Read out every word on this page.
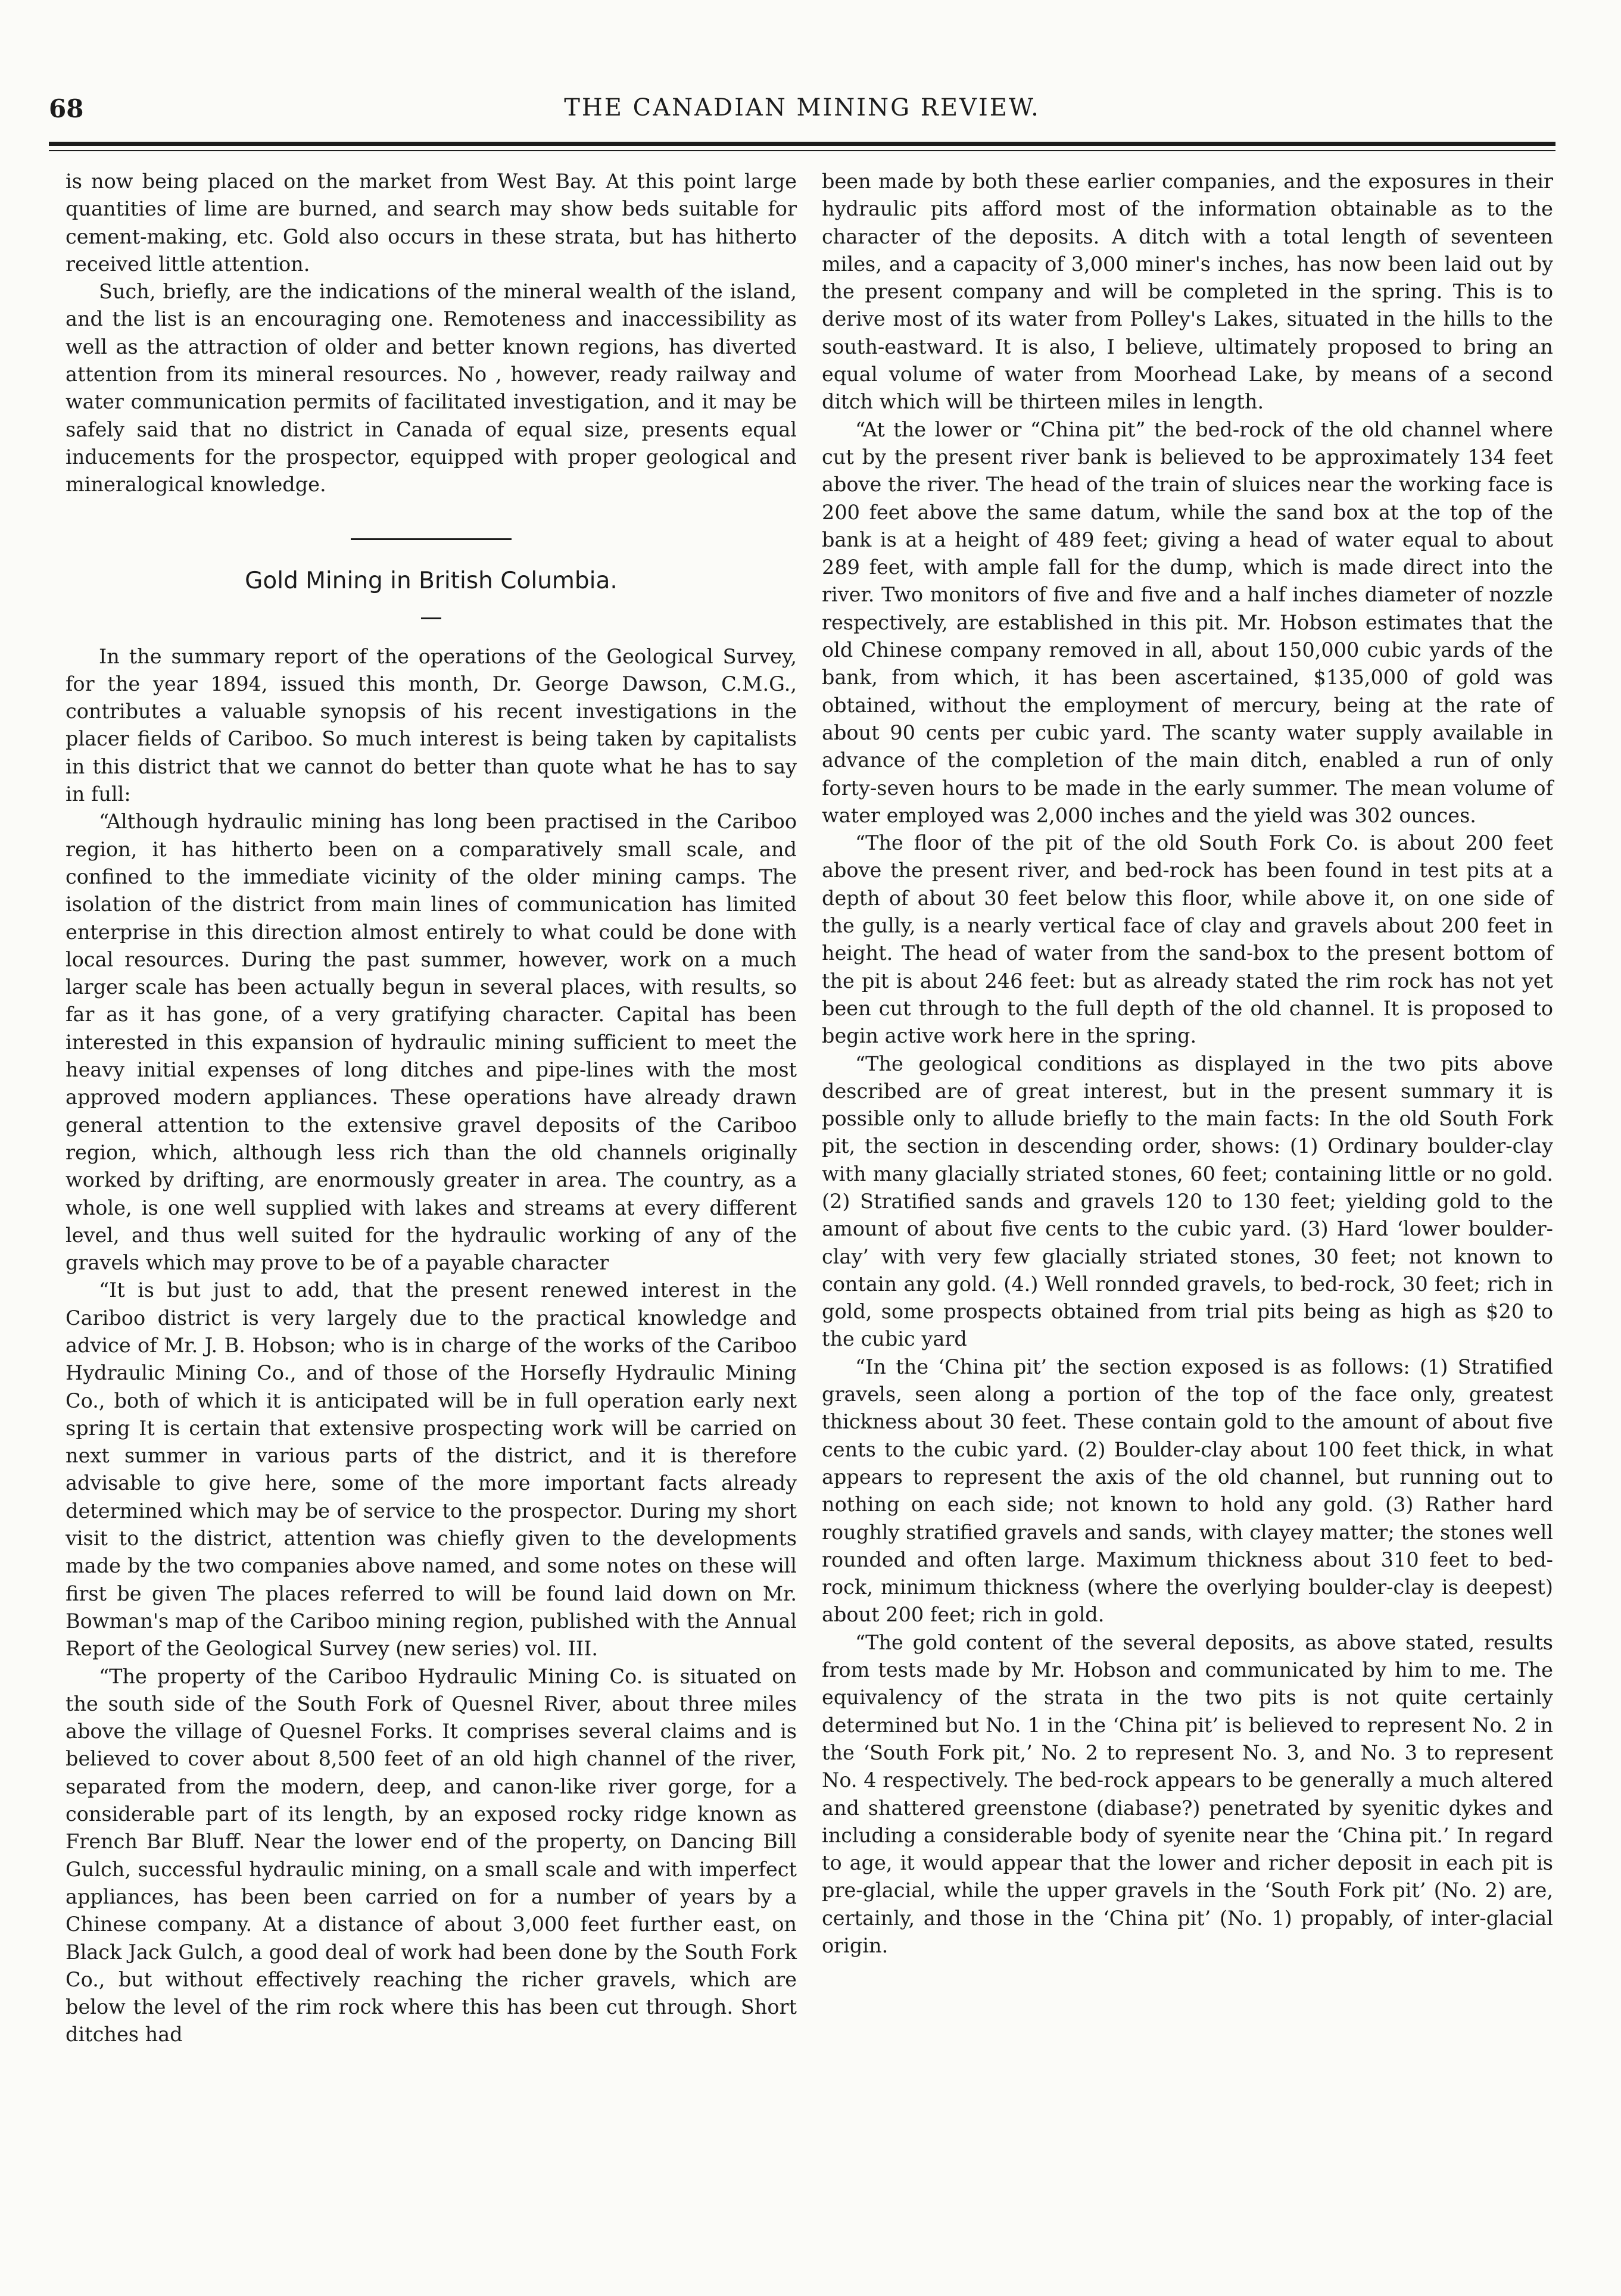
68	THE CANADIAN MINING REVIEW.

is now being placed on the market from West Bay. At this point large quantities of lime are burned, and search may show beds suitable for cement-making, etc. Gold also occurs in these strata, but has hitherto received little attention.

Such, briefly, are the indications of the mineral wealth of the island, and the list is an encouraging one. Remoteness and inaccessibility as well as the attraction of older and better known regions, has diverted attention from its mineral resources. No , however, ready railway and water communication permits of facilitated investigation, and it may be safely said that no district in Canada of equal size, presents equal inducements for the prospector, equipped with proper geological and mineralogical knowledge.

Gold Mining in British Columbia.

In the summary report of the operations of the Geological Survey, for the year 1894, issued this month, Dr. George Dawson, C.M.G., contributes a valuable synopsis of his recent investigations in the placer fields of Cariboo. So much interest is being taken by capitalists in this district that we cannot do better than quote what he has to say in full:

“Although hydraulic mining has long been practised in the Cariboo region, it has hitherto been on a comparatively small scale, and confined to the immediate vicinity of the older mining camps. The isolation of the district from main lines of communication has limited enterprise in this direction almost entirely to what could be done with local resources. During the past summer, however, work on a much larger scale has been actually begun in several places, with results, so far as it has gone, of a very gratifying character. Capital has been interested in this expansion of hydraulic mining sufficient to meet the heavy initial expenses of long ditches and pipe-lines with the most approved modern appliances. These operations have already drawn general attention to the extensive gravel deposits of the Cariboo region, which, although less rich than the old channels originally worked by drifting, are enormously greater in area. The country, as a whole, is one well supplied with lakes and streams at every different level, and thus well suited for the hydraulic working of any of the gravels which may prove to be of a payable character

“It is but just to add, that the present renewed interest in the Cariboo district is very largely due to the practical knowledge and advice of Mr. J. B. Hobson; who is in charge of the works of the Cariboo Hydraulic Mining Co., and of those of the Horsefly Hydraulic Mining Co., both of which it is anticipated will be in full operation early next spring It is certain that extensive prospecting work will be carried on next summer in various parts of the district, and it is therefore advisable to give here, some of the more important facts already determined which may be of service to the prospector. During my short visit to the district, attention was chiefly given to the developments made by the two companies above named, and some notes on these will first be given The places referred to will be found laid down on Mr. Bowman's map of the Cariboo mining region, published with the Annual Report of the Geological Survey (new series) vol. III.

“The property of the Cariboo Hydraulic Mining Co. is situated on the south side of the South Fork of Quesnel River, about three miles above the village of Quesnel Forks. It comprises several claims and is believed to cover about 8,500 feet of an old high channel of the river, separated from the modern, deep, and canon-like river gorge, for a considerable part of its length, by an exposed rocky ridge known as French Bar Bluff. Near the lower end of the property, on Dancing Bill Gulch, successful hydraulic mining, on a small scale and with imperfect appliances, has been been carried on for a number of years by a Chinese company. At a distance of about 3,000 feet further east, on Black Jack Gulch, a good deal of work had been done by the South Fork Co., but without effectively reaching the richer gravels, which are below the level of the rim rock where this has been cut through. Short ditches had

been made by both these earlier companies, and the exposures in their hydraulic pits afford most of the information obtainable as to the character of the deposits. A ditch with a total length of seventeen miles, and a capacity of 3,000 miner's inches, has now been laid out by the present company and will be completed in the spring. This is to derive most of its water from Polley's Lakes, situated in the hills to the south-eastward. It is also, I believe, ultimately proposed to bring an equal volume of water from Moorhead Lake, by means of a second ditch which will be thirteen miles in length.

“At the lower or “China pit” the bed-rock of the old channel where cut by the present river bank is believed to be approximately 134 feet above the river. The head of the train of sluices near the working face is 200 feet above the same datum, while the sand box at the top of the bank is at a height of 489 feet; giving a head of water equal to about 289 feet, with ample fall for the dump, which is made direct into the river. Two monitors of five and five and a half inches diameter of nozzle respectively, are established in this pit. Mr. Hobson estimates that the old Chinese company removed in all, about 150,000 cubic yards of the bank, from which, it has been ascertained, $135,000 of gold was obtained, without the employment of mercury, being at the rate of about 90 cents per cubic yard. The scanty water supply available in advance of the completion of the main ditch, enabled a run of only forty-seven hours to be made in the early summer. The mean volume of water employed was 2,000 inches and the yield was 302 ounces.

“The floor of the pit of the old South Fork Co. is about 200 feet above the present river, and bed-rock has been found in test pits at a depth of about 30 feet below this floor, while above it, on one side of the gully, is a nearly vertical face of clay and gravels about 200 feet in height. The head of water from the sand-box to the present bottom of the pit is about 246 feet: but as already stated the rim rock has not yet been cut through to the full depth of the old channel. It is proposed to begin active work here in the spring.

“The geological conditions as displayed in the two pits above described are of great interest, but in the present summary it is possible only to allude briefly to the main facts: In the old South Fork pit, the section in descending order, shows: (1) Ordinary boulder-clay with many glacially striated stones, 60 feet; containing little or no gold. (2) Stratified sands and gravels 120 to 130 feet; yielding gold to the amount of about five cents to the cubic yard. (3) Hard ‘lower boulder-clay’ with very few glacially striated stones, 30 feet; not known to contain any gold. (4.) Well ronnded gravels, to bed-rock, 30 feet; rich in gold, some prospects obtained from trial pits being as high as $20 to the cubic yard

“In the ‘China pit’ the section exposed is as follows: (1) Stratified gravels, seen along a portion of the top of the face only, greatest thickness about 30 feet. These contain gold to the amount of about five cents to the cubic yard. (2) Boulder-clay about 100 feet thick, in what appears to represent the axis of the old channel, but running out to nothing on each side; not known to hold any gold. (3) Rather hard roughly stratified gravels and sands, with clayey matter; the stones well rounded and often large. Maximum thickness about 310 feet to bed-rock, minimum thickness (where the overlying boulder-clay is deepest) about 200 feet; rich in gold.

“The gold content of the several deposits, as above stated, results from tests made by Mr. Hobson and communicated by him to me. The equivalency of the strata in the two pits is not quite certainly determined but No. 1 in the ‘China pit’ is believed to represent No. 2 in the ‘South Fork pit,’ No. 2 to represent No. 3, and No. 3 to represent No. 4 respectively. The bed-rock appears to be generally a much altered and shattered greenstone (diabase?) penetrated by syenitic dykes and including a considerable body of syenite near the ‘China pit.’ In regard to age, it would appear that the lower and richer deposit in each pit is pre-glacial, while the upper gravels in the ‘South Fork pit’ (No. 2) are, certainly, and those in the ‘China pit’ (No. 1) propably, of inter-glacial origin.
